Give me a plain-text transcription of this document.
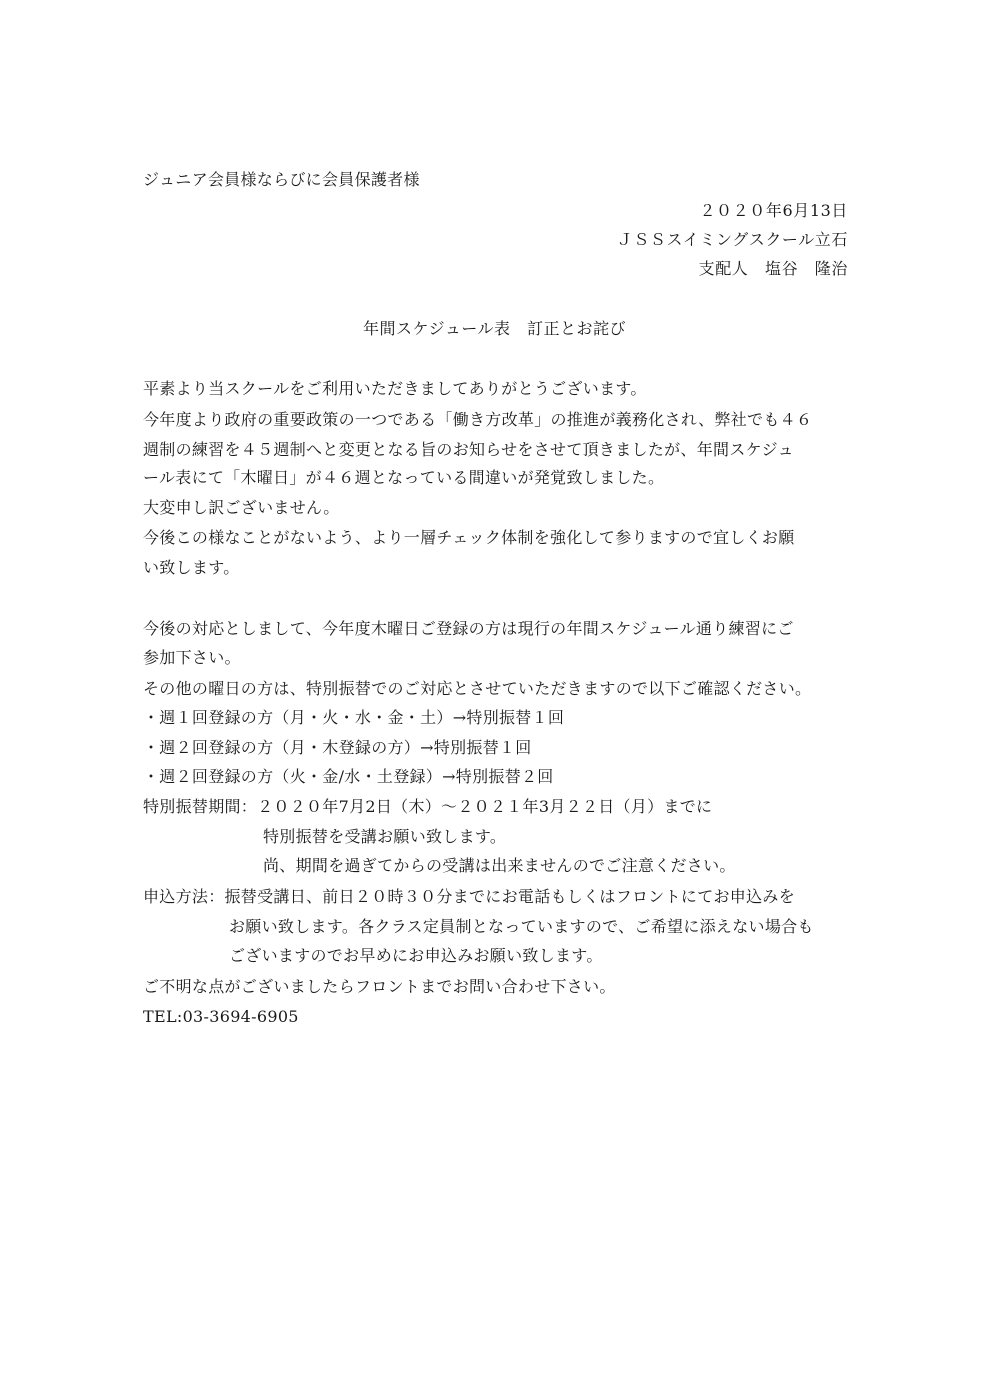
ジュニア会員様ならびに会員保護者様
２０２０年6月13日
ＪＳＳスイミングスクール立石
支配人　塩谷　隆治
年間スケジュール表　訂正とお詫び
平素より当スクールをご利用いただきましてありがとうございます。
今年度より政府の重要政策の一つである「働き方改革」の推進が義務化され、弊社でも４６
週制の練習を４５週制へと変更となる旨のお知らせをさせて頂きましたが、年間スケジュ
ール表にて「木曜日」が４６週となっている間違いが発覚致しました。
大変申し訳ございません。
今後この様なことがないよう、より一層チェック体制を強化して参りますので宜しくお願
い致します。
今後の対応としまして、今年度木曜日ご登録の方は現行の年間スケジュール通り練習にご
参加下さい。
その他の曜日の方は、特別振替でのご対応とさせていただきますので以下ご確認ください。
・週１回登録の方（月・火・水・金・土）→特別振替１回
・週２回登録の方（月・木登録の方）→特別振替１回
・週２回登録の方（火・金/水・土登録）→特別振替２回
特別振替期間：２０２０年7月2日（木）～２０２１年3月２２日（月）までに
特別振替を受講お願い致します。
尚、期間を過ぎてからの受講は出来ませんのでご注意ください。
申込方法：振替受講日、前日２０時３０分までにお電話もしくはフロントにてお申込みを
お願い致します。各クラス定員制となっていますので、ご希望に添えない場合も
ございますのでお早めにお申込みお願い致します。
ご不明な点がございましたらフロントまでお問い合わせ下さい。
TEL:03-3694-6905
